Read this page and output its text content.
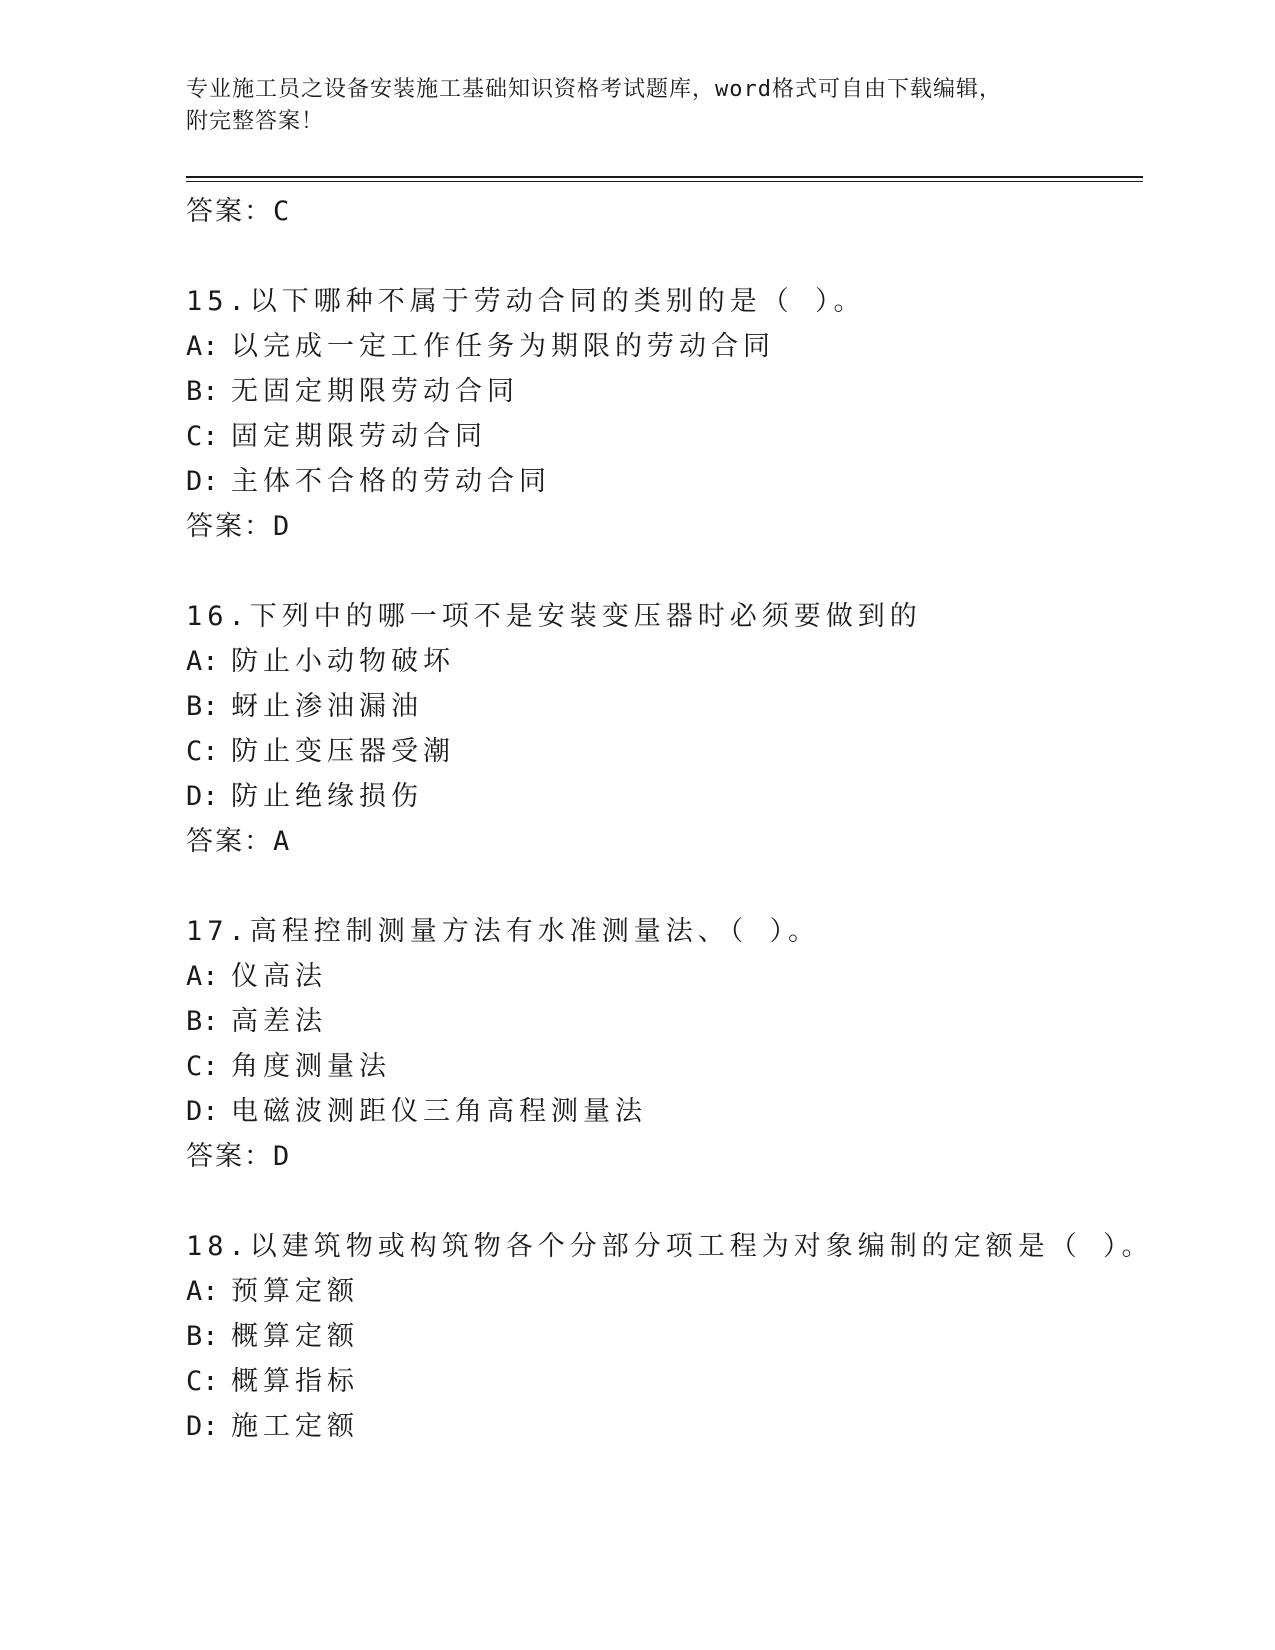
专业施工员之设备安装施工基础知识资格考试题库，word格式可自由下载编辑，
附完整答案！
答案：C
15.以下哪种不属于劳动合同的类别的是（ ）。
A: 以完成一定工作任务为期限的劳动合同
B: 无固定期限劳动合同
C: 固定期限劳动合同
D: 主体不合格的劳动合同
答案：D
16.下列中的哪一项不是安装变压器时必须要做到的
A: 防止小动物破坏
B: 蚜止渗油漏油
C: 防止变压器受潮
D: 防止绝缘损伤
答案：A
17.高程控制测量方法有水准测量法、（ ）。
A: 仪高法
B: 高差法
C: 角度测量法
D: 电磁波测距仪三角高程测量法
答案：D
18.以建筑物或构筑物各个分部分项工程为对象编制的定额是（ ）。
A: 预算定额
B: 概算定额
C: 概算指标
D: 施工定额
